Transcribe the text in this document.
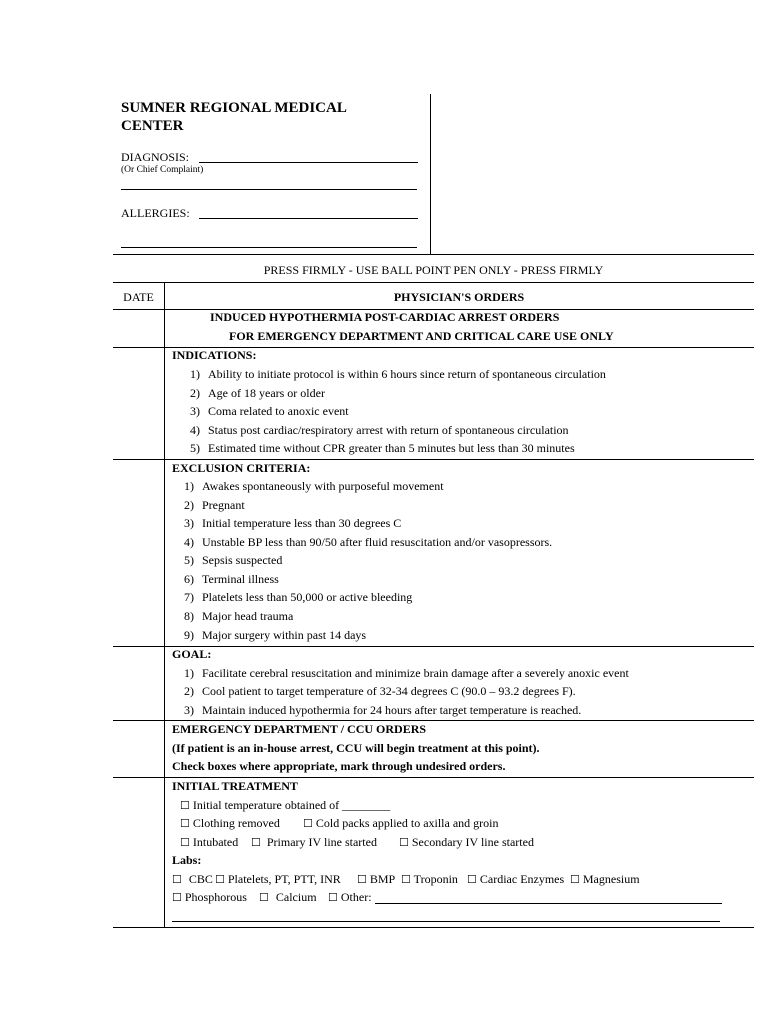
SUMNER REGIONAL MEDICAL
CENTER
DIAGNOSIS:
(Or Chief Complaint)
ALLERGIES:
PRESS FIRMLY - USE BALL POINT PEN ONLY - PRESS FIRMLY
DATE	PHYSICIAN'S ORDERS
INDUCED HYPOTHERMIA POST-CARDIAC ARREST ORDERS
FOR EMERGENCY DEPARTMENT AND CRITICAL CARE USE ONLY
INDICATIONS:
1) Ability to initiate protocol is within 6 hours since return of spontaneous circulation
2) Age of 18 years or older
3) Coma related to anoxic event
4) Status post cardiac/respiratory arrest with return of spontaneous circulation
5) Estimated time without CPR greater than 5 minutes but less than 30 minutes
EXCLUSION CRITERIA:
1) Awakes spontaneously with purposeful movement
2) Pregnant
3) Initial temperature less than 30 degrees C
4) Unstable BP less than 90/50 after fluid resuscitation and/or vasopressors.
5) Sepsis suspected
6) Terminal illness
7) Platelets less than 50,000 or active bleeding
8) Major head trauma
9) Major surgery within past 14 days
GOAL:
1) Facilitate cerebral resuscitation and minimize brain damage after a severely anoxic event
2) Cool patient to target temperature of 32-34 degrees C (90.0 – 93.2 degrees F).
3) Maintain induced hypothermia for 24 hours after target temperature is reached.
EMERGENCY DEPARTMENT / CCU ORDERS
(If patient is an in-house arrest, CCU will begin treatment at this point).
Check boxes where appropriate, mark through undesired orders.
INITIAL TREATMENT
☐ Initial temperature obtained of ________
☐ Clothing removed ☐ Cold packs applied to axilla and groin
☐ Intubated ☐ Primary IV line started ☐ Secondary IV line started
Labs:
☐ CBC ☐ Platelets, PT, PTT, INR ☐ BMP ☐ Troponin ☐ Cardiac Enzymes ☐ Magnesium
☐ Phosphorous ☐ Calcium ☐ Other:
